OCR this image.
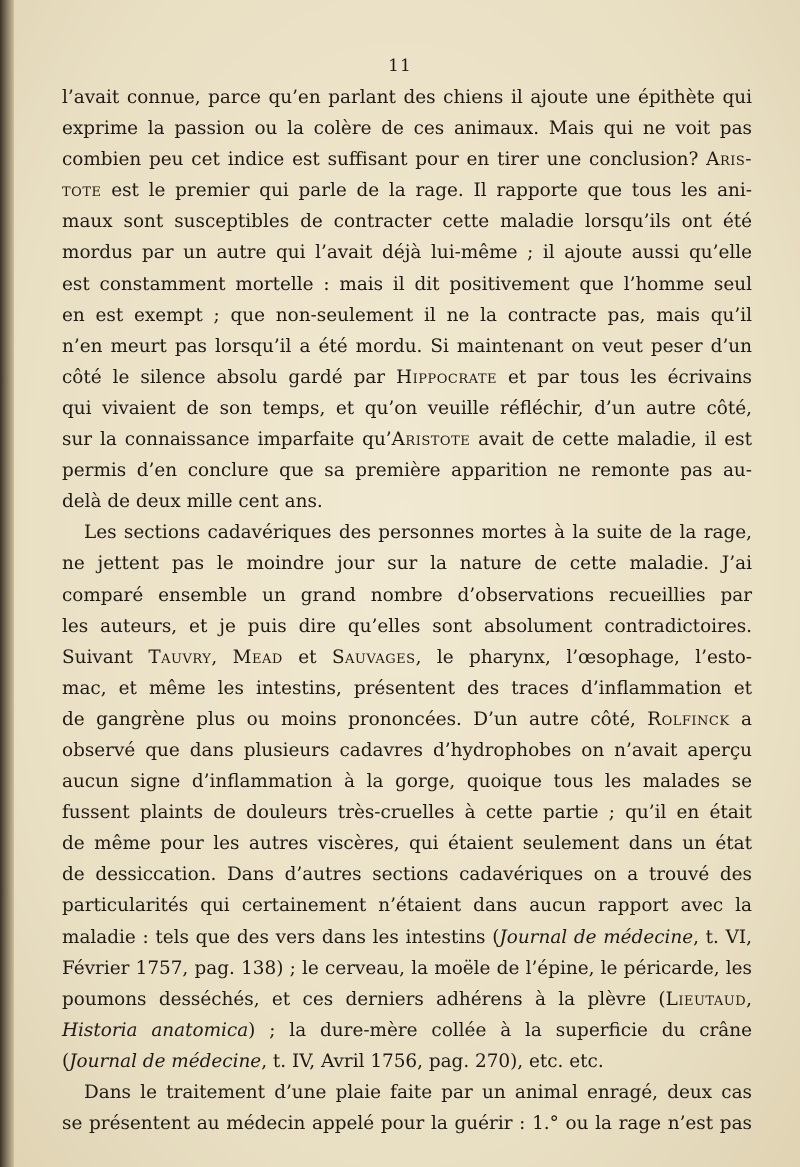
11
l’avait connue, parce qu’en parlant des chiens il ajoute une épithète qui
exprime la passion ou la colère de ces animaux. Mais qui ne voit pas
combien peu cet indice est suffisant pour en tirer une conclusion? Aris-
tote est le premier qui parle de la rage. Il rapporte que tous les ani-
maux sont susceptibles de contracter cette maladie lorsqu’ils ont été
mordus par un autre qui l’avait déjà lui-même ; il ajoute aussi qu’elle
est constamment mortelle : mais il dit positivement que l’homme seul
en est exempt ; que non-seulement il ne la contracte pas, mais qu’il
n’en meurt pas lorsqu’il a été mordu. Si maintenant on veut peser d’un
côté le silence absolu gardé par Hippocrate et par tous les écrivains
qui vivaient de son temps, et qu’on veuille réfléchir, d’un autre côté,
sur la connaissance imparfaite qu’Aristote avait de cette maladie, il est
permis d’en conclure que sa première apparition ne remonte pas au-
delà de deux mille cent ans.
Les sections cadavériques des personnes mortes à la suite de la rage,
ne jettent pas le moindre jour sur la nature de cette maladie. J’ai
comparé ensemble un grand nombre d’observations recueillies par
les auteurs, et je puis dire qu’elles sont absolument contradictoires.
Suivant Tauvry, Mead et Sauvages, le pharynx, l’œsophage, l’esto-
mac, et même les intestins, présentent des traces d’inflammation et
de gangrène plus ou moins prononcées. D’un autre côté, Rolfinck a
observé que dans plusieurs cadavres d’hydrophobes on n’avait aperçu
aucun signe d’inflammation à la gorge, quoique tous les malades se
fussent plaints de douleurs très-cruelles à cette partie ; qu’il en était
de même pour les autres viscères, qui étaient seulement dans un état
de dessiccation. Dans d’autres sections cadavériques on a trouvé des
particularités qui certainement n’étaient dans aucun rapport avec la
maladie : tels que des vers dans les intestins (Journal de médecine, t. VI,
Février 1757, pag. 138) ; le cerveau, la moële de l’épine, le péricarde, les
poumons desséchés, et ces derniers adhérens à la plèvre (Lieutaud,
Historia anatomica) ; la dure-mère collée à la superficie du crâne
(Journal de médecine, t. IV, Avril 1756, pag. 270), etc. etc.
Dans le traitement d’une plaie faite par un animal enragé, deux cas
se présentent au médecin appelé pour la guérir : 1.° ou la rage n’est pas
